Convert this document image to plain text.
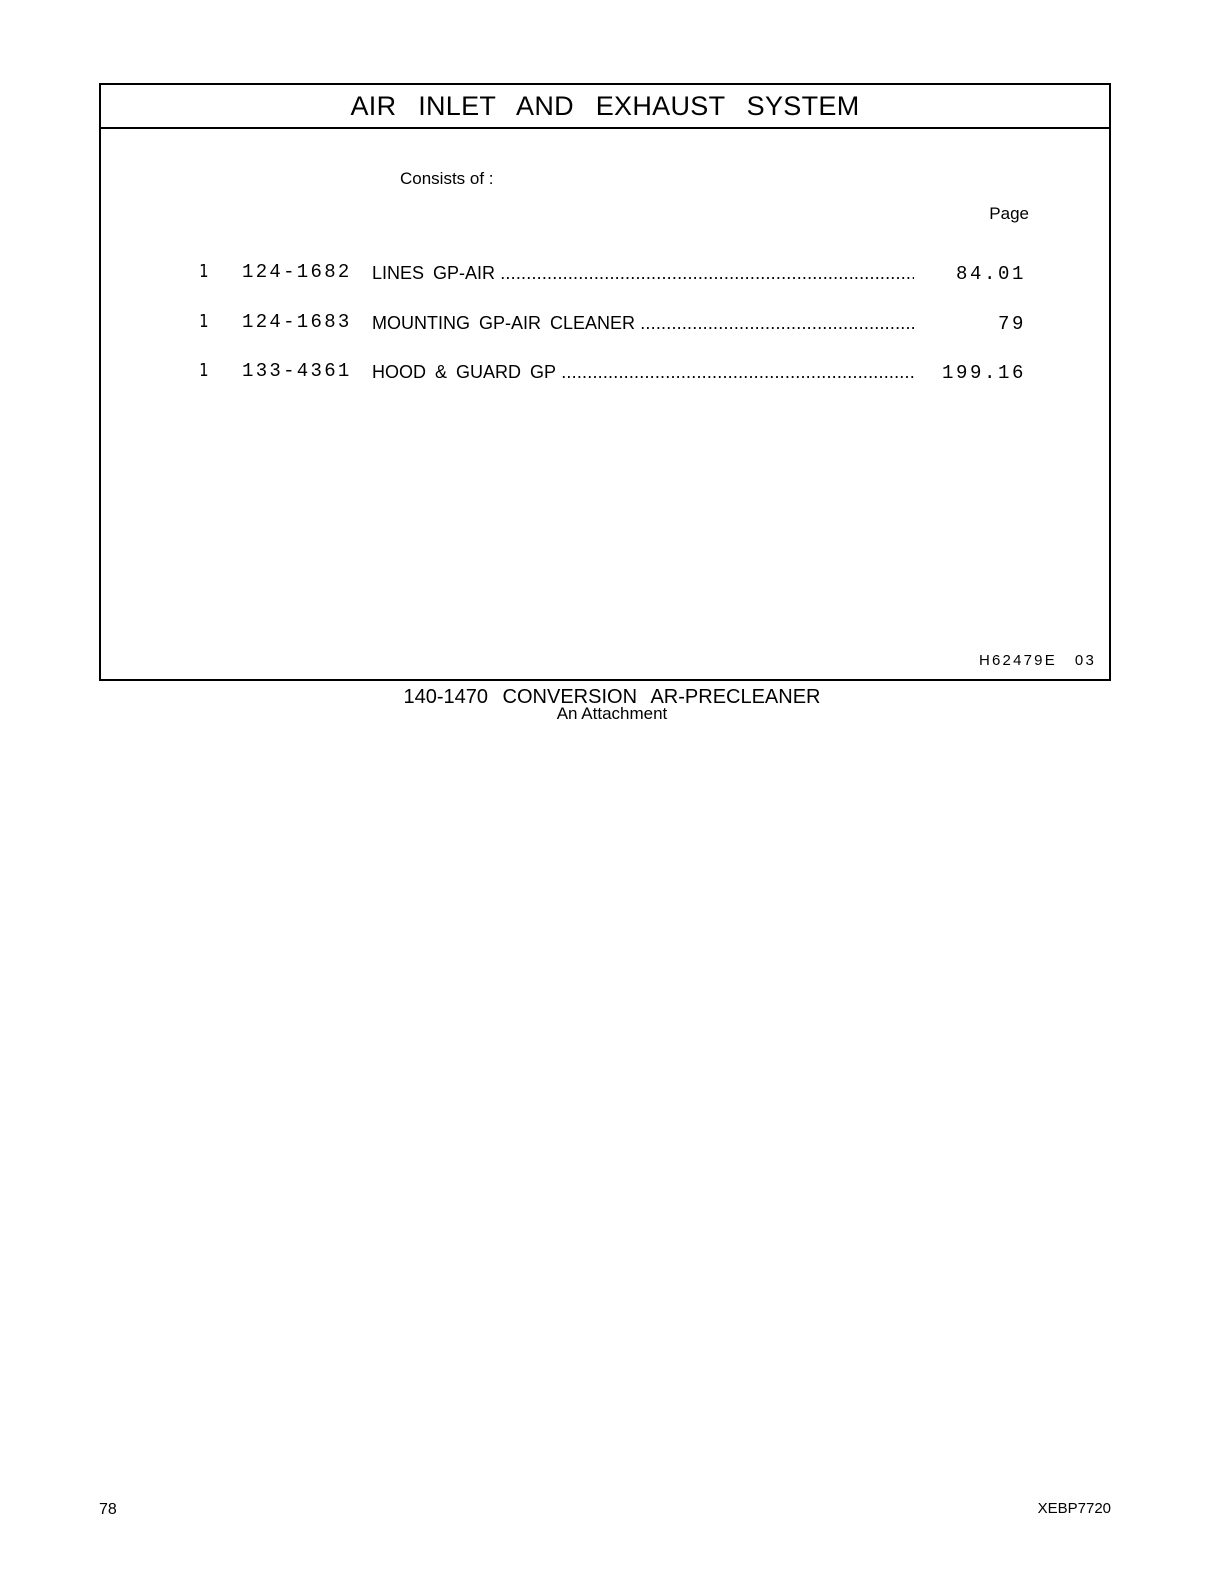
AIR INLET AND EXHAUST SYSTEM
Consists of :
Page
1 124-1682 LINES GP-AIR .....	84.01
1 124-1683 MOUNTING GP-AIR CLEANER .....	79
1 133-4361 HOOD & GUARD GP .....	199.16
H62479E 03
140-1470 CONVERSION AR-PRECLEANER
An Attachment
78	XEBP7720
